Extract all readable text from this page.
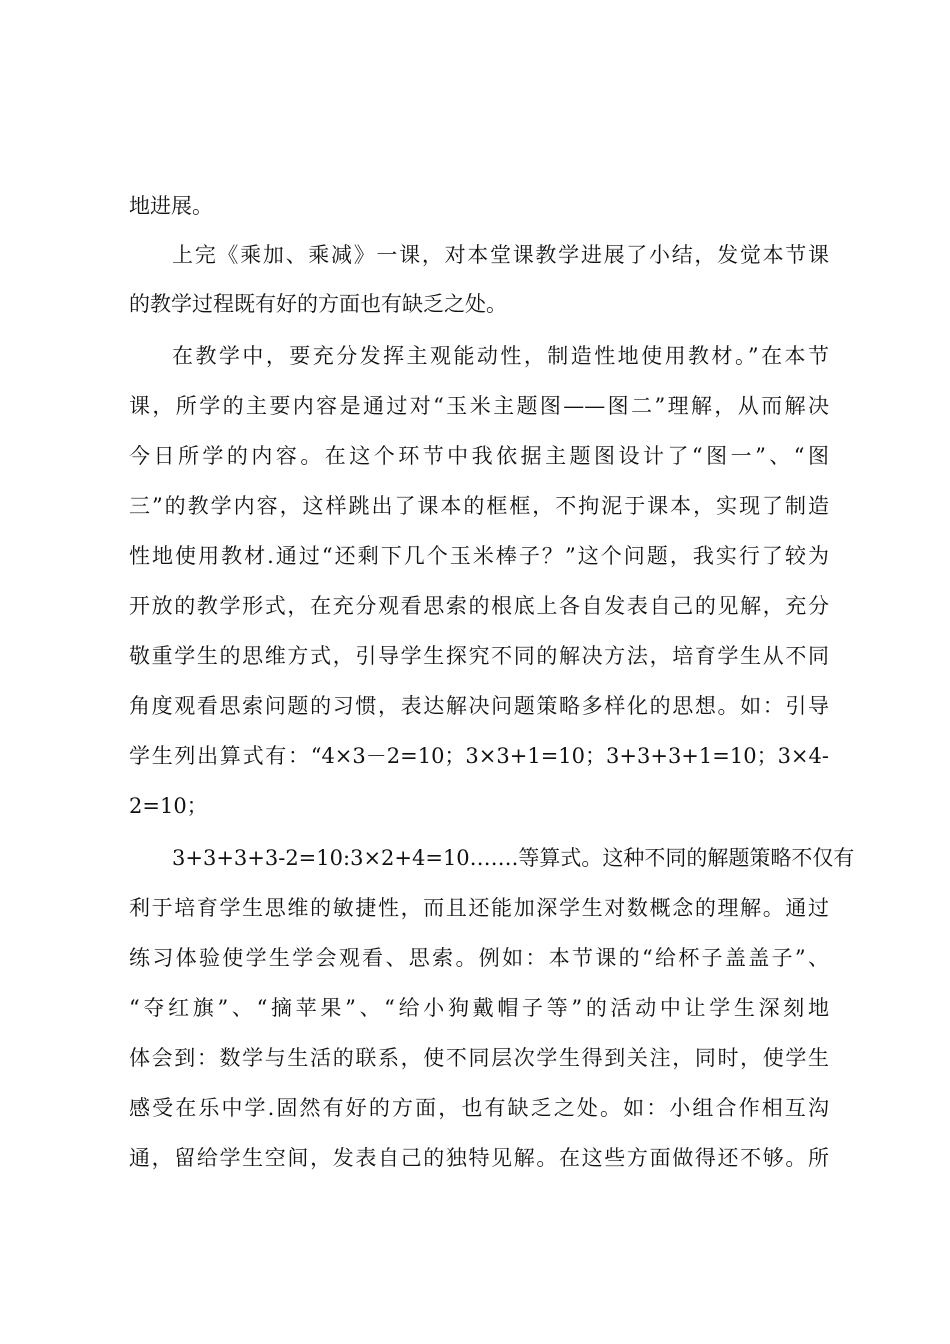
地进展。
上完《乘加、乘减》一课，对本堂课教学进展了小结，发觉本节课
的教学过程既有好的方面也有缺乏之处。
在教学中，要充分发挥主观能动性，制造性地使用教材。”在本节
课，所学的主要内容是通过对“玉米主题图——图二”理解，从而解决
今日所学的内容。在这个环节中我依据主题图设计了“图一”、“图
三”的教学内容，这样跳出了课本的框框，不拘泥于课本，实现了制造
性地使用教材.通过“还剩下几个玉米棒子？”这个问题，我实行了较为
开放的教学形式，在充分观看思索的根底上各自发表自己的见解，充分
敬重学生的思维方式，引导学生探究不同的解决方法，培育学生从不同
角度观看思索问题的习惯，表达解决问题策略多样化的思想。如：引导
学生列出算式有：“4×3－2=10；3×3+1=10；3+3+3+1=10；3×4-
2=10；
3+3+3+3-2=10:3×2+4=10…….等算式。这种不同的解题策略不仅有
利于培育学生思维的敏捷性，而且还能加深学生对数概念的理解。通过
练习体验使学生学会观看、思索。例如：本节课的“给杯子盖盖子”、
“夺红旗”、“摘苹果”、“给小狗戴帽子等”的活动中让学生深刻地
体会到：数学与生活的联系，使不同层次学生得到关注，同时，使学生
感受在乐中学.固然有好的方面，也有缺乏之处。如：小组合作相互沟
通，留给学生空间，发表自己的独特见解。在这些方面做得还不够。所
